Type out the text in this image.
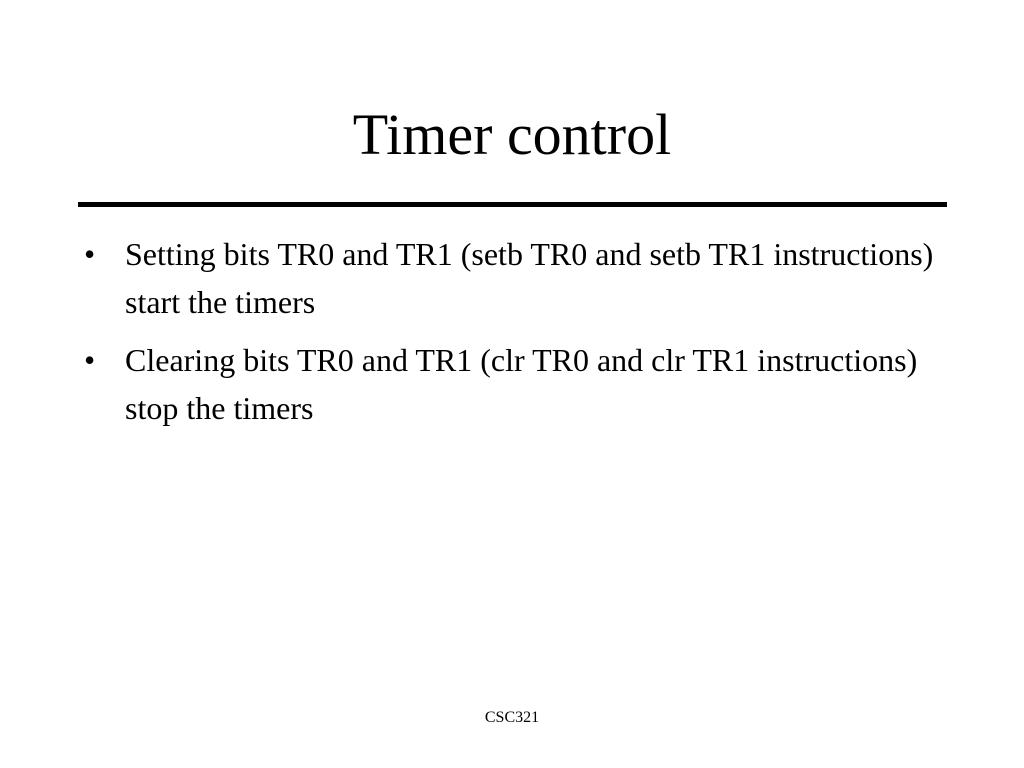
Timer control
• Setting bits TR0 and TR1 (setb TR0 and setb TR1 instructions) start the timers
• Clearing bits TR0 and TR1 (clr TR0 and clr TR1 instructions) stop the timers
CSC321
